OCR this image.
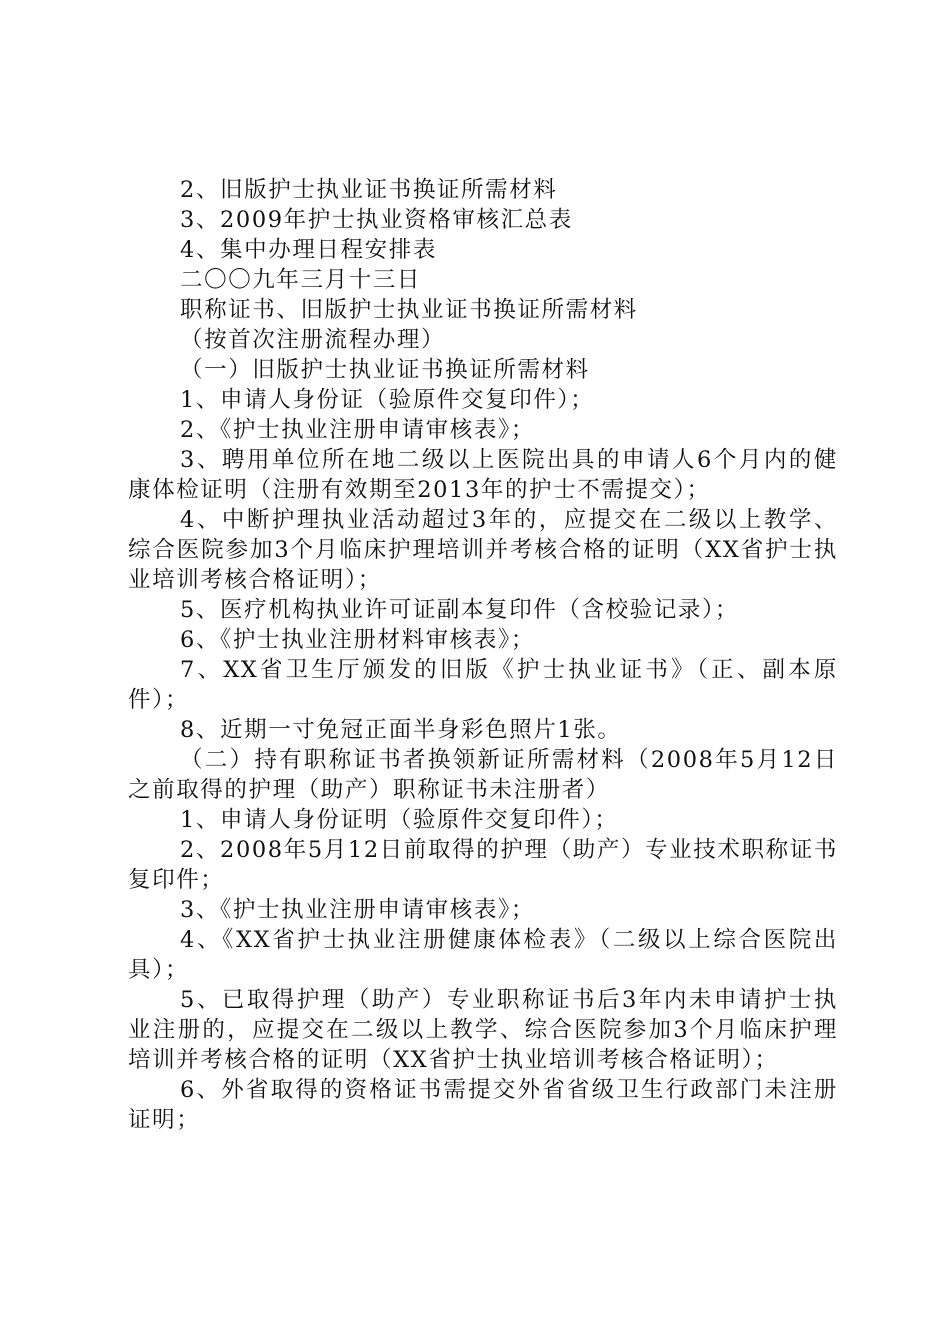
2、旧版护士执业证书换证所需材料

3、2009年护士执业资格审核汇总表

4、集中办理日程安排表

二〇〇九年三月十三日

职称证书、旧版护士执业证书换证所需材料

（按首次注册流程办理）

（一）旧版护士执业证书换证所需材料

1、申请人身份证（验原件交复印件）；

2、《护士执业注册申请审核表》；

3、聘用单位所在地二级以上医院出具的申请人6个月内的健康体检证明（注册有效期至2013年的护士不需提交）；

4、中断护理执业活动超过3年的，应提交在二级以上教学、综合医院参加3个月临床护理培训并考核合格的证明（XX省护士执业培训考核合格证明）；

5、医疗机构执业许可证副本复印件（含校验记录）；

6、《护士执业注册材料审核表》；

7、XX省卫生厅颁发的旧版《护士执业证书》（正、副本原件）；

8、近期一寸免冠正面半身彩色照片1张。

（二）持有职称证书者换领新证所需材料（2008年5月12日之前取得的护理（助产）职称证书未注册者）

1、申请人身份证明（验原件交复印件）；

2、2008年5月12日前取得的护理（助产）专业技术职称证书复印件；

3、《护士执业注册申请审核表》；

4、《XX省护士执业注册健康体检表》（二级以上综合医院出具）；

5、已取得护理（助产）专业职称证书后3年内未申请护士执业注册的，应提交在二级以上教学、综合医院参加3个月临床护理培训并考核合格的证明（XX省护士执业培训考核合格证明）；

6、外省取得的资格证书需提交外省省级卫生行政部门未注册证明；
